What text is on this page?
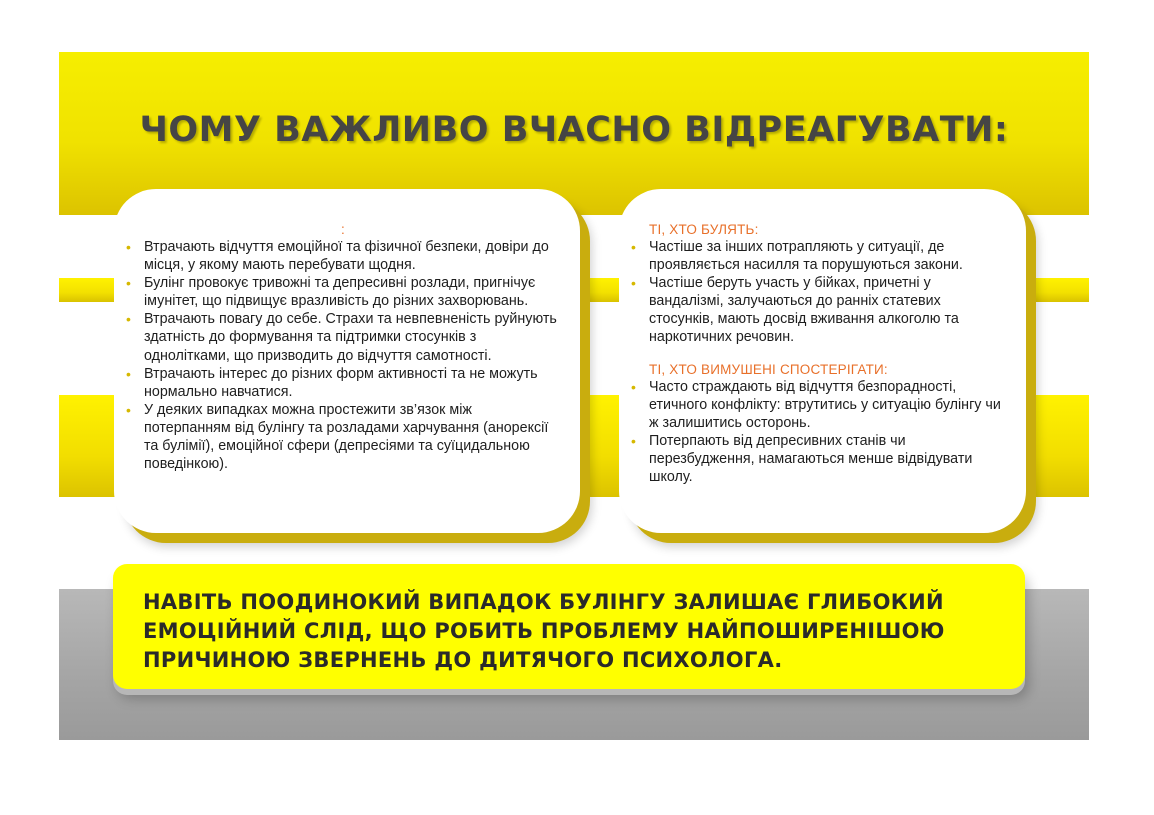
ЧОМУ ВАЖЛИВО ВЧАСНО ВІДРЕАГУВАТИ:
:
• Втрачають відчуття емоційної та фізичної безпеки, довіри до місця, у якому мають перебувати щодня.
• Булінг провокує тривожні та депресивні розлади, пригнічує імунітет, що підвищує вразливість до різних захворювань.
• Втрачають повагу до себе. Страхи та невпевненість руйнують здатність до формування та підтримки стосунків з однолітками, що призводить до відчуття самотності.
• Втрачають інтерес до різних форм активності та не можуть нормально навчатися.
• У деяких випадках можна простежити зв’язок між потерпанням від булінгу та розладами харчування (анорексії та булімії), емоційної сфери (депресіями та суїцидальною поведінкою).
ТІ, ХТО БУЛЯТЬ:
• Частіше за інших потрапляють у ситуації, де проявляється насилля та порушуються закони.
• Частіше беруть участь у бійках, причетні у вандалізмі, залучаються до ранніх статевих стосунків, мають досвід вживання алкоголю та наркотичних речовин.
ТІ, ХТО ВИМУШЕНІ СПОСТЕРІГАТИ:
• Часто страждають від відчуття безпорадності, етичного конфлікту: втрутитись у ситуацію булінгу чи ж залишитись осторонь.
• Потерпають від депресивних станів чи перезбудження, намагаються менше відвідувати школу.
НАВІТЬ ПООДИНОКИЙ ВИПАДОК БУЛІНГУ ЗАЛИШАЄ ГЛИБОКИЙ ЕМОЦІЙНИЙ СЛІД, ЩО РОБИТЬ ПРОБЛЕМУ НАЙПОШИРЕНІШОЮ ПРИЧИНОЮ ЗВЕРНЕНЬ ДО ДИТЯЧОГО ПСИХОЛОГА.
